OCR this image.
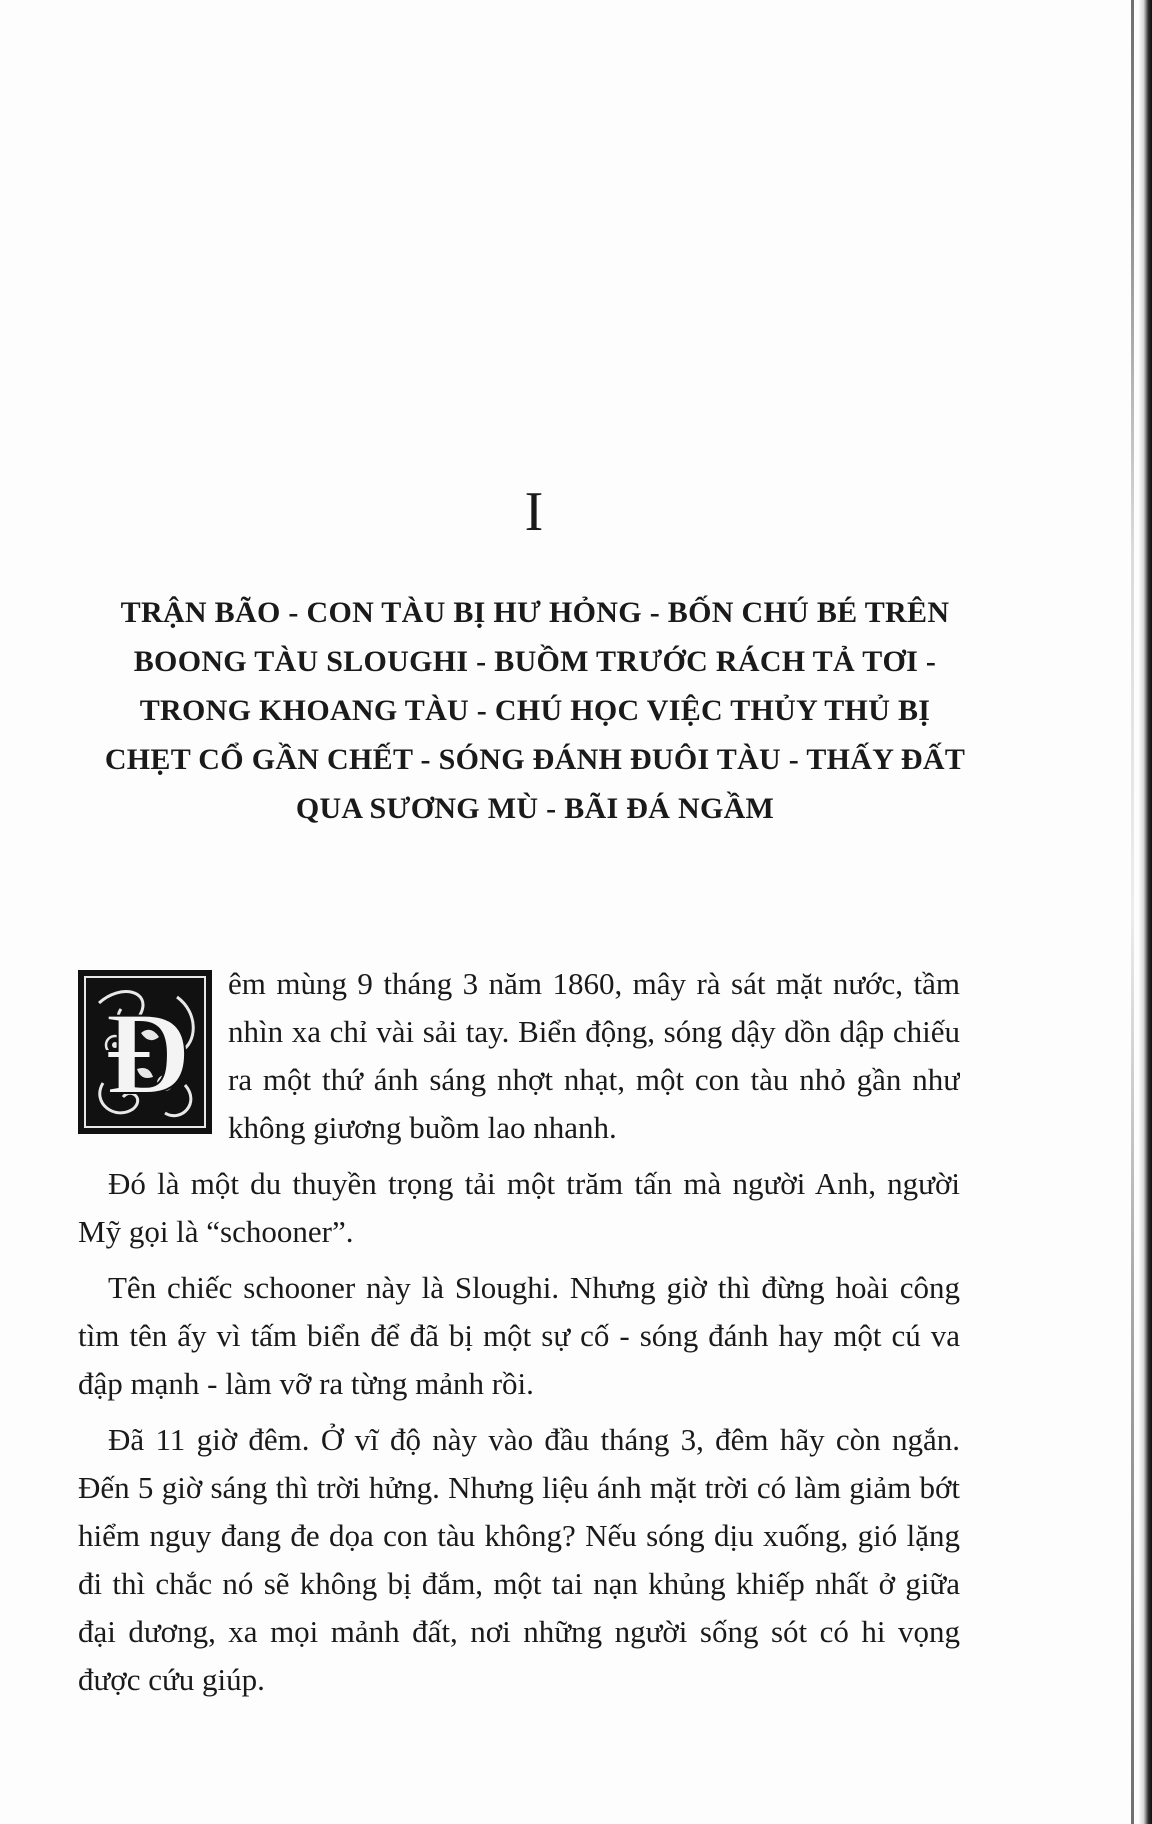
I
TRẬN BÃO - CON TÀU BỊ HƯ HỎNG - BỐN CHÚ BÉ TRÊN BOONG TÀU SLOUGHI - BUỒM TRƯỚC RÁCH TẢ TƠI - TRONG KHOANG TÀU - CHÚ HỌC VIỆC THỦY THỦ BỊ CHẸT CỔ GẦN CHẾT - SÓNG ĐÁNH ĐUÔI TÀU - THẤY ĐẤT QUA SƯƠNG MÙ - BÃI ĐÁ NGẦM
Đ
êm mùng 9 tháng 3 năm 1860, mây rà sát mặt nước, tầm nhìn xa chỉ vài sải tay. Biển động, sóng dậy dồn dập chiếu ra một thứ ánh sáng nhợt nhạt, một con tàu nhỏ gần như không giương buồm lao nhanh.

Đó là một du thuyền trọng tải một trăm tấn mà người Anh, người Mỹ gọi là “schooner”.

Tên chiếc schooner này là Sloughi. Nhưng giờ thì đừng hoài công tìm tên ấy vì tấm biển để đã bị một sự cố - sóng đánh hay một cú va đập mạnh - làm vỡ ra từng mảnh rồi.

Đã 11 giờ đêm. Ở vĩ độ này vào đầu tháng 3, đêm hãy còn ngắn. Đến 5 giờ sáng thì trời hửng. Nhưng liệu ánh mặt trời có làm giảm bớt hiểm nguy đang đe dọa con tàu không? Nếu sóng dịu xuống, gió lặng đi thì chắc nó sẽ không bị đắm, một tai nạn khủng khiếp nhất ở giữa đại dương, xa mọi mảnh đất, nơi những người sống sót có hi vọng được cứu giúp.
